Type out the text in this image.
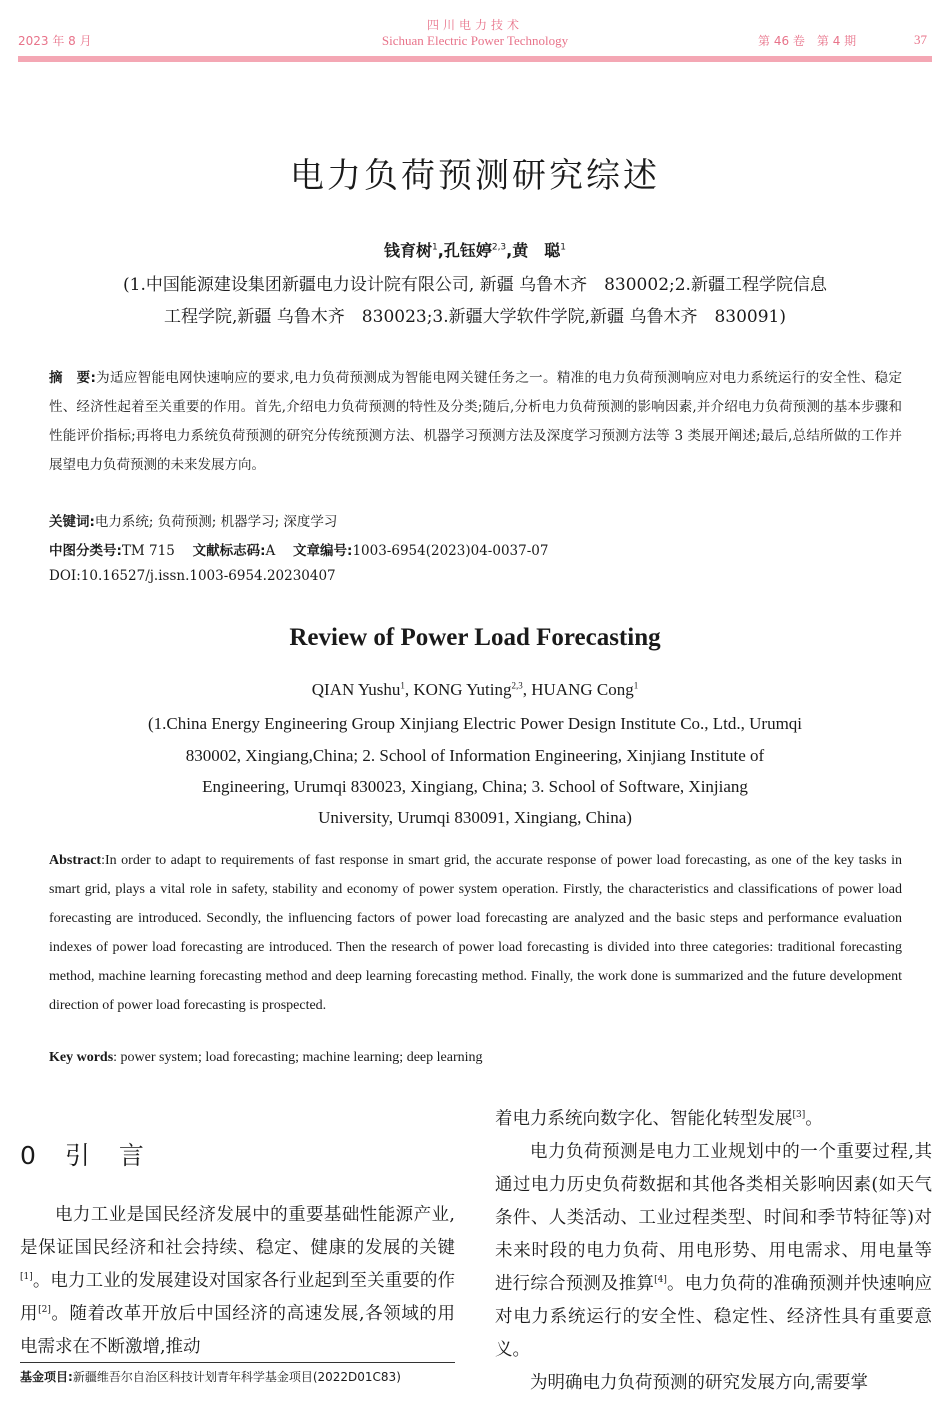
四川电力技术
Sichuan Electric Power Technology
2023 年 8 月	第 46 卷　第 4 期	37
电力负荷预测研究综述
钱育树$^1$,孔钰婷$^{2,3}$,黄　聪$^1$
(1.中国能源建设集团新疆电力设计院有限公司, 新疆 乌鲁木齐　830002;2.新疆工程学院信息
工程学院,新疆 乌鲁木齐　830023;3.新疆大学软件学院,新疆 乌鲁木齐　830091)
摘　要:为适应智能电网快速响应的要求,电力负荷预测成为智能电网关键任务之一。精准的电力负荷预测响应对电力系统运行的安全性、稳定性、经济性起着至关重要的作用。首先,介绍电力负荷预测的特性及分类;随后,分析电力负荷预测的影响因素,并介绍电力负荷预测的基本步骤和性能评价指标;再将电力系统负荷预测的研究分传统预测方法、机器学习预测方法及深度学习预测方法等 3 类展开阐述;最后,总结所做的工作并展望电力负荷预测的未来发展方向。
关键词:电力系统; 负荷预测; 机器学习; 深度学习
中图分类号:TM 715　 文献标志码:A　 文章编号:1003-6954(2023)04-0037-07
DOI:10.16527/j.issn.1003-6954.20230407
Review of Power Load Forecasting
QIAN Yushu$^1$, KONG Yuting$^{2,3}$, HUANG Cong$^1$
(1.China Energy Engineering Group Xinjiang Electric Power Design Institute Co., Ltd., Urumqi
830002, Xingiang,China; 2. School of Information Engineering, Xinjiang Institute of
Engineering, Urumqi 830023, Xingiang, China; 3. School of Software, Xinjiang
University, Urumqi 830091, Xingiang, China)
Abstract:In order to adapt to requirements of fast response in smart grid, the accurate response of power load forecasting, as one of the key tasks in smart grid, plays a vital role in safety, stability and economy of power system operation. Firstly, the characteristics and classifications of power load forecasting are introduced. Secondly, the influencing factors of power load forecasting are analyzed and the basic steps and performance evaluation indexes of power load forecasting are introduced. Then the research of power load forecasting is divided into three categories: traditional forecasting method, machine learning forecasting method and deep learning forecasting method. Finally, the work done is summarized and the future development direction of power load forecasting is prospected.
Key words: power system; load forecasting; machine learning; deep learning
0　 引　言

电力工业是国民经济发展中的重要基础性能源产业,是保证国民经济和社会持续、稳定、健康的发展的关键[1]。电力工业的发展建设对国家各行业起到至关重要的作用[2]。随着改革开放后中国经济的高速发展,各领域的用电需求在不断激增,推动

着电力系统向数字化、智能化转型发展[3]。

电力负荷预测是电力工业规划中的一个重要过程,其通过电力历史负荷数据和其他各类相关影响因素(如天气条件、人类活动、工业过程类型、时间和季节特征等)对未来时段的电力负荷、用电形势、用电需求、用电量等进行综合预测及推算[4]。电力负荷的准确预测并快速响应对电力系统运行的安全性、稳定性、经济性具有重要意义。

为明确电力负荷预测的研究发展方向,需要掌

基金项目:新疆维吾尔自治区科技计划青年科学基金项目(2022D01C83)
